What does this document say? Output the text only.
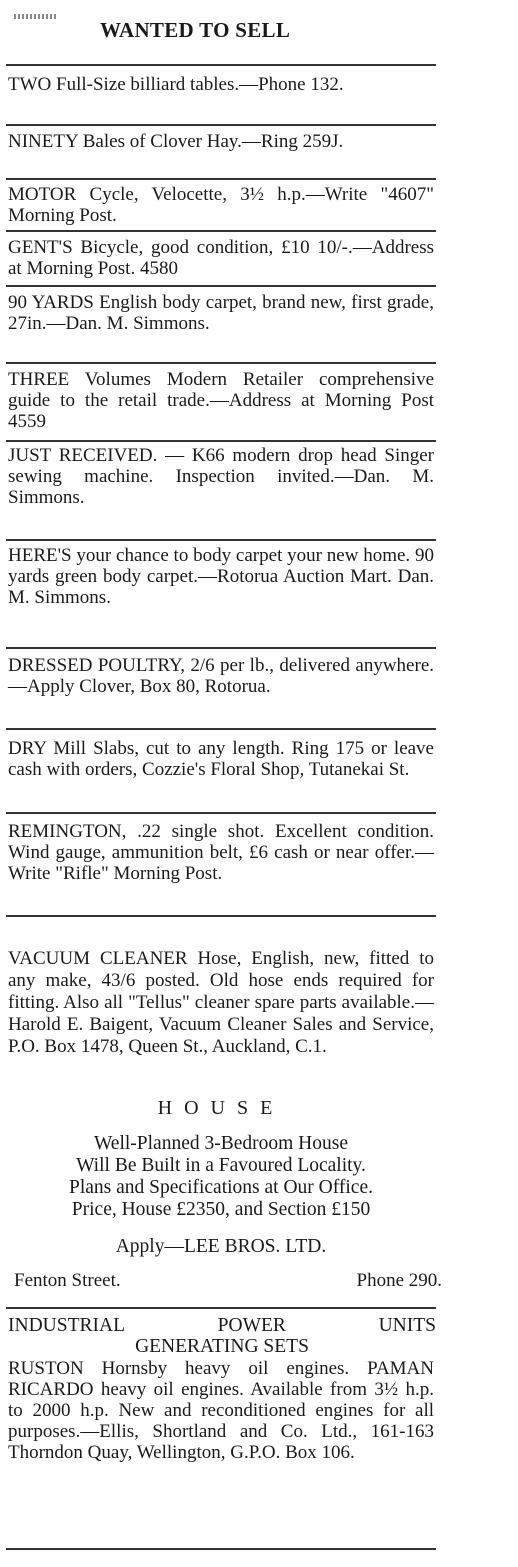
WANTED TO SELL
TWO Full-Size billiard tables.—Phone 132.
NINETY Bales of Clover Hay.—Ring 259J.
MOTOR Cycle, Velocette, 3½ h.p.—Write "4607" Morning Post.
GENT'S Bicycle, good condition, £10 10/-.—Address at Morning Post. 4580
90 YARDS English body carpet, brand new, first grade, 27in.—Dan. M. Simmons.
THREE Volumes Modern Retailer comprehensive guide to the retail trade.—Address at Morning Post 4559
JUST RECEIVED. — K66 modern drop head Singer sewing machine. Inspection invited.—Dan. M. Simmons.
HERE'S your chance to body carpet your new home. 90 yards green body carpet.—Rotorua Auction Mart. Dan. M. Simmons.
DRESSED POULTRY, 2/6 per lb., delivered anywhere.—Apply Clover, Box 80, Rotorua.
DRY Mill Slabs, cut to any length. Ring 175 or leave cash with orders, Cozzie's Floral Shop, Tutanekai St.
REMINGTON, .22 single shot. Excellent condition. Wind gauge, ammunition belt, £6 cash or near offer.—Write "Rifle" Morning Post.
VACUUM CLEANER Hose, English, new, fitted to any make, 43/6 posted. Old hose ends required for fitting. Also all "Tellus" cleaner spare parts available.—Harold E. Baigent, Vacuum Cleaner Sales and Service, P.O. Box 1478, Queen St., Auckland, C.1.
HOUSE
Well-Planned 3-Bedroom House
Will Be Built in a Favoured Locality.
Plans and Specifications at Our Office.
Price, House £2350, and Section £150
Apply—LEE BROS. LTD.
Fenton Street.	Phone 290.
INDUSTRIAL	POWER	UNITS
GENERATING SETS
RUSTON Hornsby heavy oil engines. PAMAN RICARDO heavy oil engines. Available from 3½ h.p. to 2000 h.p. New and reconditioned engines for all purposes.—Ellis, Shortland and Co. Ltd., 161-163 Thorndon Quay, Wellington, G.P.O. Box 106.
